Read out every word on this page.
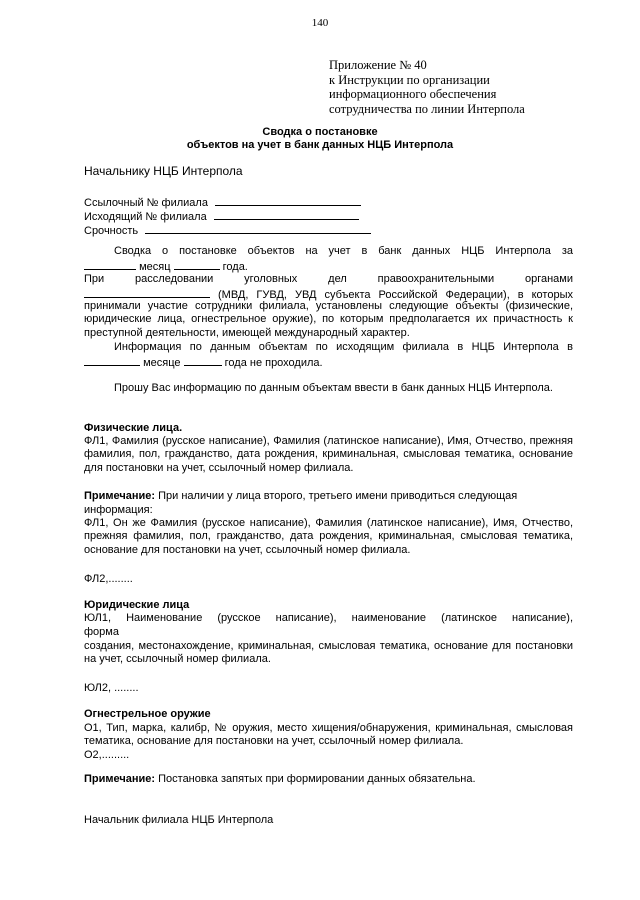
140
Приложение № 40
к Инструкции по организации
информационного обеспечения
сотрудничества по линии Интерпола
Сводка о постановке
объектов на учет в банк данных НЦБ Интерпола
Начальнику НЦБ Интерпола
Ссылочный № филиала
Исходящий № филиала
Срочность
Сводка о постановке объектов на учет в банк данных НЦБ Интерпола за
месяц	года.
При расследовании уголовных дел правоохранительными органами
(МВД, ГУВД, УВД субъекта Российской Федерации), в которых
принимали участие сотрудники филиала, установлены следующие объекты (физические, юридические лица, огнестрельное оружие), по которым предполагается их причастность к преступной деятельности, имеющей международный характер.
Информация по данным объектам по исходящим филиала в НЦБ Интерпола в
месяце	года не проходила.
Прошу Вас информацию по данным объектам ввести в банк данных НЦБ Интерпола.
Физические лица.
ФЛ1, Фамилия (русское написание), Фамилия (латинское написание), Имя, Отчество, прежняя фамилия, пол, гражданство, дата рождения, криминальная, смысловая тематика, основание для постановки на учет, ссылочный номер филиала.
Примечание: При наличии у лица второго, третьего имени приводиться следующая
информация:
ФЛ1, Он же Фамилия (русское написание), Фамилия (латинское написание), Имя, Отчество, прежняя фамилия, пол, гражданство, дата рождения, криминальная, смысловая тематика, основание для постановки на учет, ссылочный номер филиала.
ФЛ2,........
Юридические лица
ЮЛ1, Наименование (русское написание), наименование (латинское написание),
форма
создания, местонахождение, криминальная, смысловая тематика, основание для постановки на учет, ссылочный номер филиала.
ЮЛ2, ........
Огнестрельное оружие
О1, Тип, марка, калибр, № оружия, место хищения/обнаружения, криминальная, смысловая тематика, основание для постановки на учет, ссылочный номер филиала.
О2,.........
Примечание: Постановка запятых при формировании данных обязательна.
Начальник филиала НЦБ Интерпола
